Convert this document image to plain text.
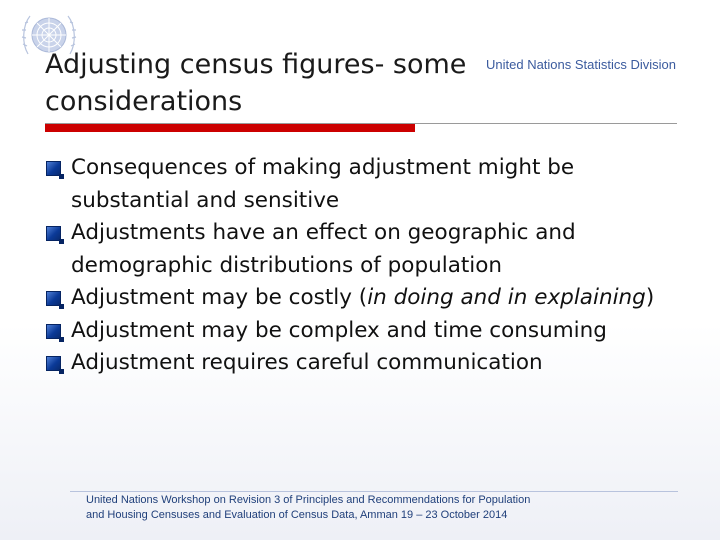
United Nations Statistics Division
Adjusting census figures- some
considerations
Consequences of making adjustment might be substantial and sensitive
Adjustments have an effect on geographic and demographic distributions of population
Adjustment may be costly (in doing and in explaining)
Adjustment may be complex and time consuming
Adjustment requires careful communication
United Nations Workshop on Revision 3 of Principles and Recommendations for Population
and Housing Censuses and Evaluation of Census Data, Amman 19 – 23 October 2014
